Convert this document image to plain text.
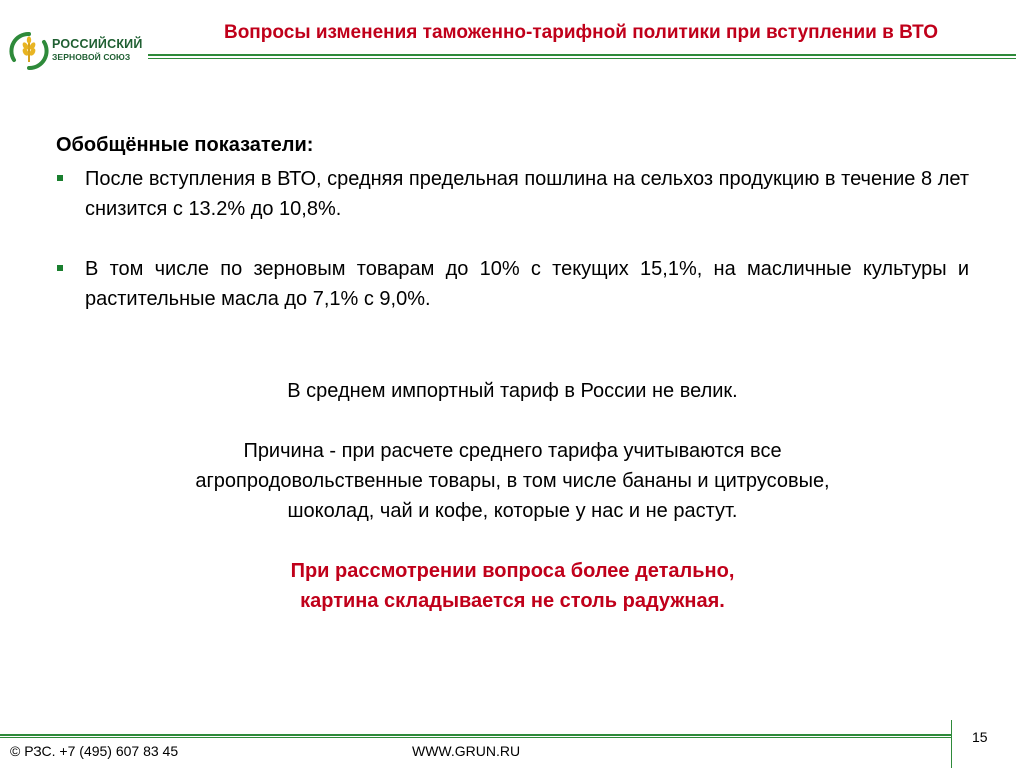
РОССИЙСКИЙ
ЗЕРНОВОЙ СОЮЗ
Вопросы изменения таможенно-тарифной политики при вступлении в ВТО
Обобщённые показатели:
После вступления в ВТО, средняя предельная пошлина на сельхоз продукцию в течение 8 лет снизится с 13.2% до 10,8%.
В том числе по зерновым товарам до 10% с текущих 15,1%, на масличные культуры и растительные масла до 7,1% с 9,0%.

В среднем импортный тариф в России не велик.

Причина - при расчете среднего тарифа учитываются все

агропродовольственные товары, в том числе бананы и цитрусовые,

шоколад, чай и кофе, которые у нас и не растут.

При рассмотрении вопроса более детально,

картина складывается не столь радужная.

15
© РЗС. +7 (495) 607 83 45	WWW.GRUN.RU
